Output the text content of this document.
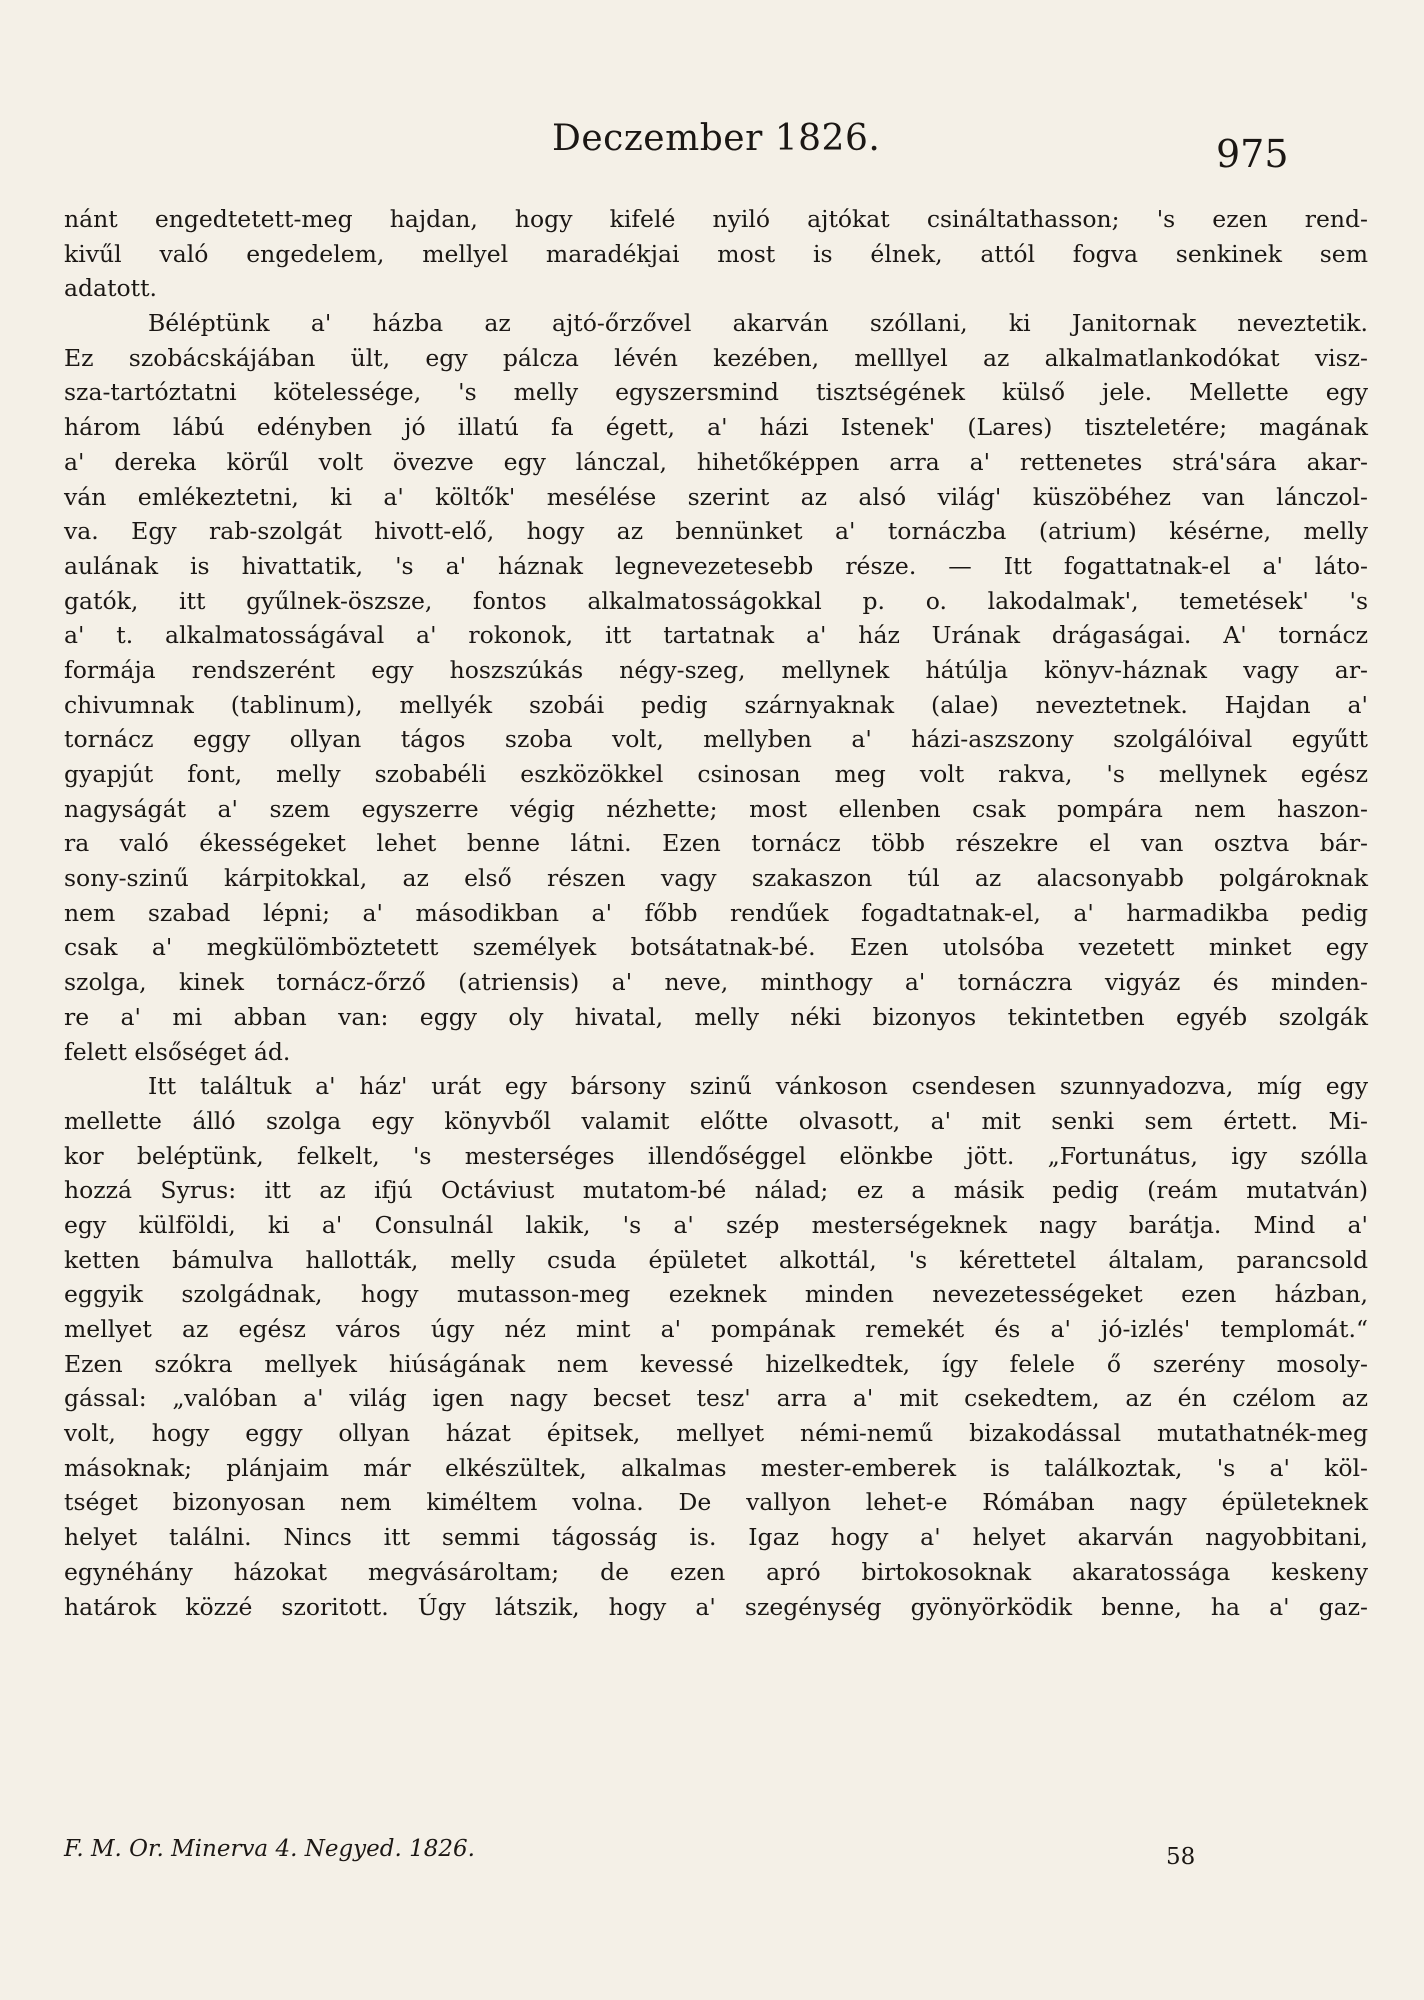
Deczember 1826.	975
nánt engedtetett-meg hajdan, hogy kifelé nyiló ajtókat csináltathasson; 's ezen rend-
kivűl való engedelem, mellyel maradékjai most is élnek, attól fogva senkinek sem
adatott.
Béléptünk a' házba az ajtó-őrzővel akarván szóllani, ki Janitornak neveztetik.
Ez szobácskájában ült, egy pálcza lévén kezében, melllyel az alkalmatlankodókat visz-
sza-tartóztatni kötelessége, 's melly egyszersmind tisztségének külső jele. Mellette egy
három lábú edényben jó illatú fa égett, a' házi Istenek' (Lares) tiszteletére; magának
a' dereka körűl volt övezve egy lánczal, hihetőképpen arra a' rettenetes strá'sára akar-
ván emlékeztetni, ki a' költők' mesélése szerint az alsó világ' küszöbéhez van lánczol-
va. Egy rab-szolgát hivott-elő, hogy az bennünket a' tornáczba (atrium) késérne, melly
aulának is hivattatik, 's a' háznak legnevezetesebb része. — Itt fogattatnak-el a' láto-
gatók, itt gyűlnek-öszsze, fontos alkalmatosságokkal p. o. lakodalmak', temetések' 's
a' t. alkalmatosságával a' rokonok, itt tartatnak a' ház Urának drágaságai. A' tornácz
formája rendszerént egy hoszszúkás négy-szeg, mellynek hátúlja könyv-háznak vagy ar-
chivumnak (tablinum), mellyék szobái pedig szárnyaknak (alae) neveztetnek. Hajdan a'
tornácz eggy ollyan tágos szoba volt, mellyben a' házi-aszszony szolgálóival egyűtt
gyapjút font, melly szobabéli eszközökkel csinosan meg volt rakva, 's mellynek egész
nagyságát a' szem egyszerre végig nézhette; most ellenben csak pompára nem haszon-
ra való ékességeket lehet benne látni. Ezen tornácz több részekre el van osztva bár-
sony-szinű kárpitokkal, az első részen vagy szakaszon túl az alacsonyabb polgároknak
nem szabad lépni; a' másodikban a' főbb rendűek fogadtatnak-el, a' harmadikba pedig
csak a' megkülömböztetett személyek botsátatnak-bé. Ezen utolsóba vezetett minket egy
szolga, kinek tornácz-őrző (atriensis) a' neve, minthogy a' tornáczra vigyáz és minden-
re a' mi abban van: eggy oly hivatal, melly néki bizonyos tekintetben egyéb szolgák
felett elsőséget ád.
Itt találtuk a' ház' urát egy bársony szinű vánkoson csendesen szunnyadozva, míg egy
mellette álló szolga egy könyvből valamit előtte olvasott, a' mit senki sem értett. Mi-
kor beléptünk, felkelt, 's mesterséges illendőséggel elönkbe jött. „Fortunátus, igy szólla
hozzá Syrus: itt az ifjú Octáviust mutatom-bé nálad; ez a másik pedig (reám mutatván)
egy külföldi, ki a' Consulnál lakik, 's a' szép mesterségeknek nagy barátja. Mind a'
ketten bámulva hallották, melly csuda épületet alkottál, 's kérettetel általam, parancsold
eggyik szolgádnak, hogy mutasson-meg ezeknek minden nevezetességeket ezen házban,
mellyet az egész város úgy néz mint a' pompának remekét és a' jó-izlés' templomát.“
Ezen szókra mellyek hiúságának nem kevessé hizelkedtek, így felele ő szerény mosoly-
gással: „valóban a' világ igen nagy becset tesz' arra a' mit csekedtem, az én czélom az
volt, hogy eggy ollyan házat épitsek, mellyet némi-nemű bizakodással mutathatnék-meg
másoknak; plánjaim már elkészültek, alkalmas mester-emberek is találkoztak, 's a' köl-
tséget bizonyosan nem kiméltem volna. De vallyon lehet-e Rómában nagy épületeknek
helyet találni. Nincs itt semmi tágosság is. Igaz hogy a' helyet akarván nagyobbitani,
egynéhány házokat megvásároltam; de ezen apró birtokosoknak akaratossága keskeny
határok közzé szoritott. Úgy látszik, hogy a' szegénység gyönyörködik benne, ha a' gaz-
F. M. Or. Minerva 4. Negyed. 1826.	58
